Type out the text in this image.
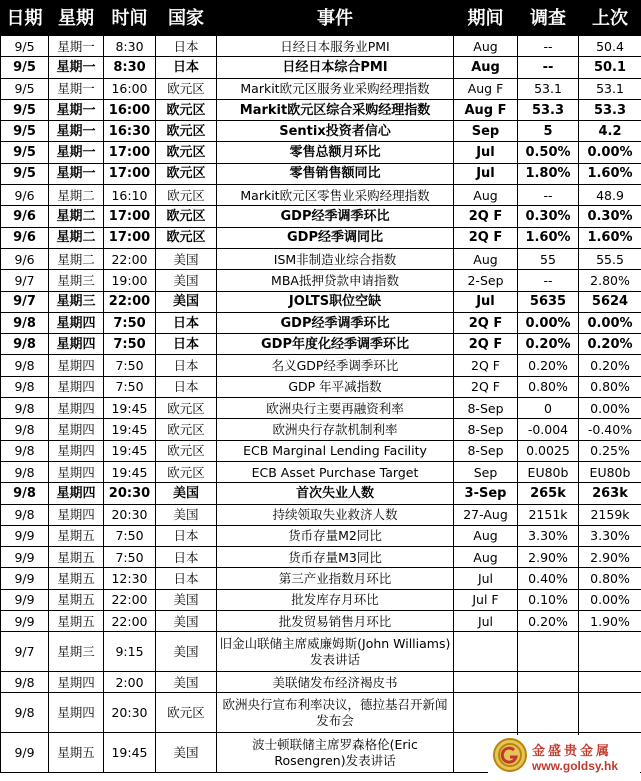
日期	星期	时间	国家	事件	期间	调查	上次
9/5	星期一	8:30	日本	日经日本服务业PMI	Aug	--	50.4
9/5	星期一	8:30	日本	日经日本综合PMI	Aug	--	50.1
9/5	星期一	16:00	欧元区	Markit欧元区服务业采购经理指数	Aug F	53.1	53.1
9/5	星期一	16:00	欧元区	Markit欧元区综合采购经理指数	Aug F	53.3	53.3
9/5	星期一	16:30	欧元区	Sentix投资者信心	Sep	5	4.2
9/5	星期一	17:00	欧元区	零售总额月环比	Jul	0.50%	0.00%
9/5	星期一	17:00	欧元区	零售销售额同比	Jul	1.80%	1.60%
9/6	星期二	16:10	欧元区	Markit欧元区零售业采购经理指数	Aug	--	48.9
9/6	星期二	17:00	欧元区	GDP经季调季环比	2Q F	0.30%	0.30%
9/6	星期二	17:00	欧元区	GDP经季调同比	2Q F	1.60%	1.60%
9/6	星期二	22:00	美国	ISM非制造业综合指数	Aug	55	55.5
9/7	星期三	19:00	美国	MBA抵押贷款申请指数	2-Sep	--	2.80%
9/7	星期三	22:00	美国	JOLTS职位空缺	Jul	5635	5624
9/8	星期四	7:50	日本	GDP经季调季环比	2Q F	0.00%	0.00%
9/8	星期四	7:50	日本	GDP年度化经季调季环比	2Q F	0.20%	0.20%
9/8	星期四	7:50	日本	名义GDP经季调季环比	2Q F	0.20%	0.20%
9/8	星期四	7:50	日本	GDP 年平减指数	2Q F	0.80%	0.80%
9/8	星期四	19:45	欧元区	欧洲央行主要再融资利率	8-Sep	0	0.00%
9/8	星期四	19:45	欧元区	欧洲央行存款机制利率	8-Sep	-0.004	-0.40%
9/8	星期四	19:45	欧元区	ECB Marginal Lending Facility	8-Sep	0.0025	0.25%
9/8	星期四	19:45	欧元区	ECB Asset Purchase Target	Sep	EU80b	EU80b
9/8	星期四	20:30	美国	首次失业人数	3-Sep	265k	263k
9/8	星期四	20:30	美国	持续领取失业救济人数	27-Aug	2151k	2159k
9/9	星期五	7:50	日本	货币存量M2同比	Aug	3.30%	3.30%
9/9	星期五	7:50	日本	货币存量M3同比	Aug	2.90%	2.90%
9/9	星期五	12:30	日本	第三产业指数月环比	Jul	0.40%	0.80%
9/9	星期五	22:00	美国	批发库存月环比	Jul F	0.10%	0.00%
9/9	星期五	22:00	美国	批发贸易销售月环比	Jul	0.20%	1.90%
9/7	星期三	9:15	美国	旧金山联储主席威廉姆斯(John Williams)发表讲话			
9/8	星期四	2:00	美国	美联储发布经济褐皮书			
9/8	星期四	20:30	欧元区	欧洲央行宣布利率决议，德拉基召开新闻发布会			
9/9	星期五	19:45	美国	波士顿联储主席罗森格伦(Eric Rosengren)发表讲话			
金盛贵金属
www.goldsy.hk
